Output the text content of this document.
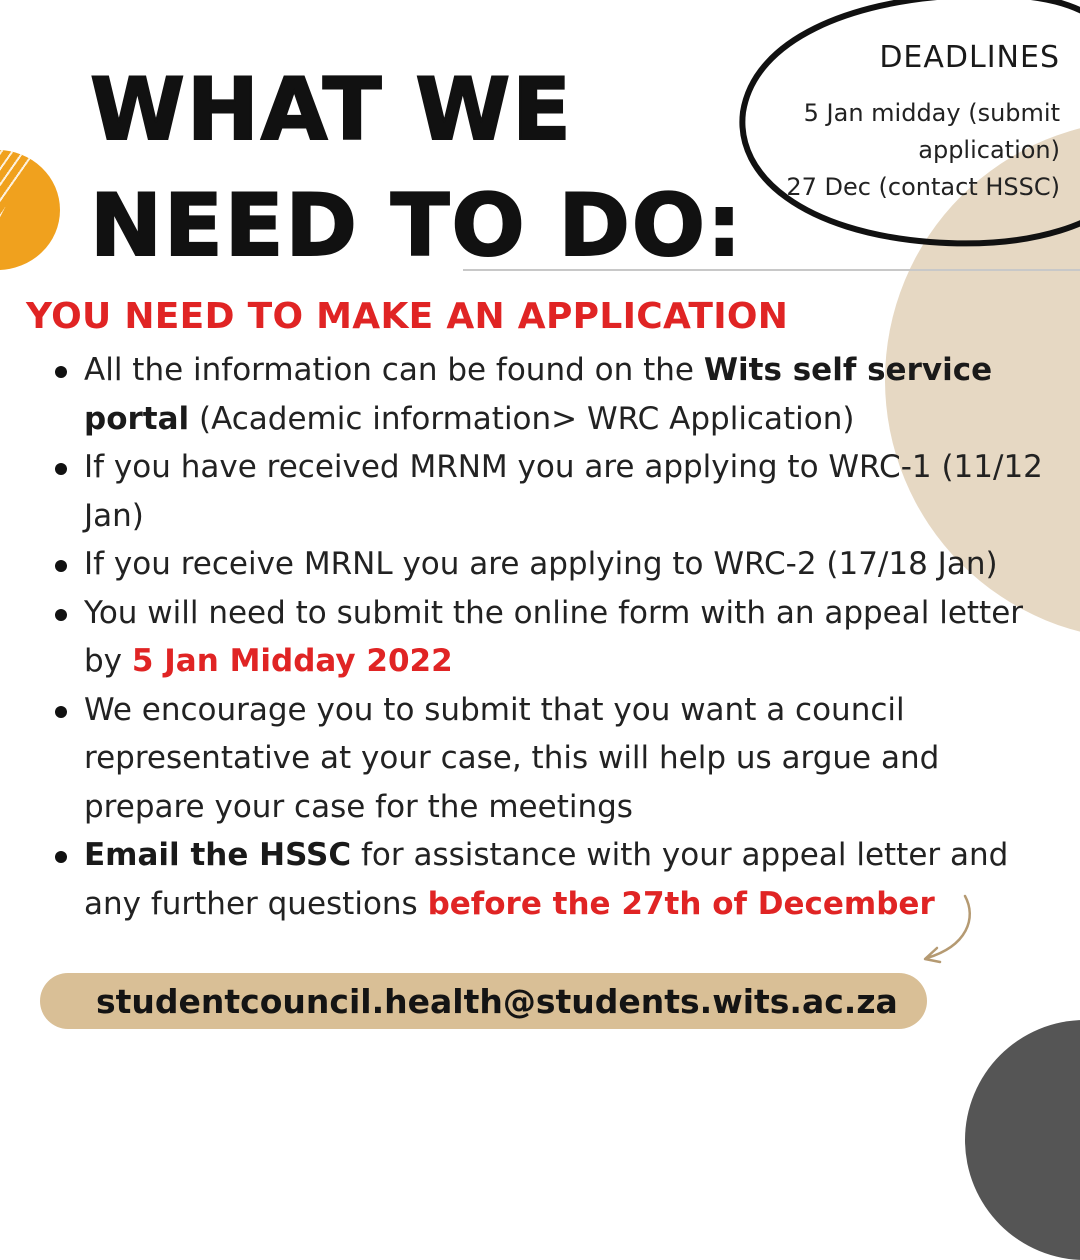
WHAT WE
NEED TO DO:
DEADLINES
5 Jan midday (submit
application)
27 Dec (contact HSSC)
YOU NEED TO MAKE AN APPLICATION
All the information can be found on the Wits self service portal (Academic information> WRC Application)
If you have received MRNM you are applying to WRC-1 (11/12 Jan)
If you receive MRNL you are applying to WRC-2 (17/18 Jan)
You will need to submit the online form with an appeal letter by 5 Jan Midday 2022
We encourage you to submit that you want a council representative at your case, this will help us argue and prepare your case for the meetings
Email the HSSC for assistance with your appeal letter and any further questions before the 27th of December
studentcouncil.health@students.wits.ac.za
